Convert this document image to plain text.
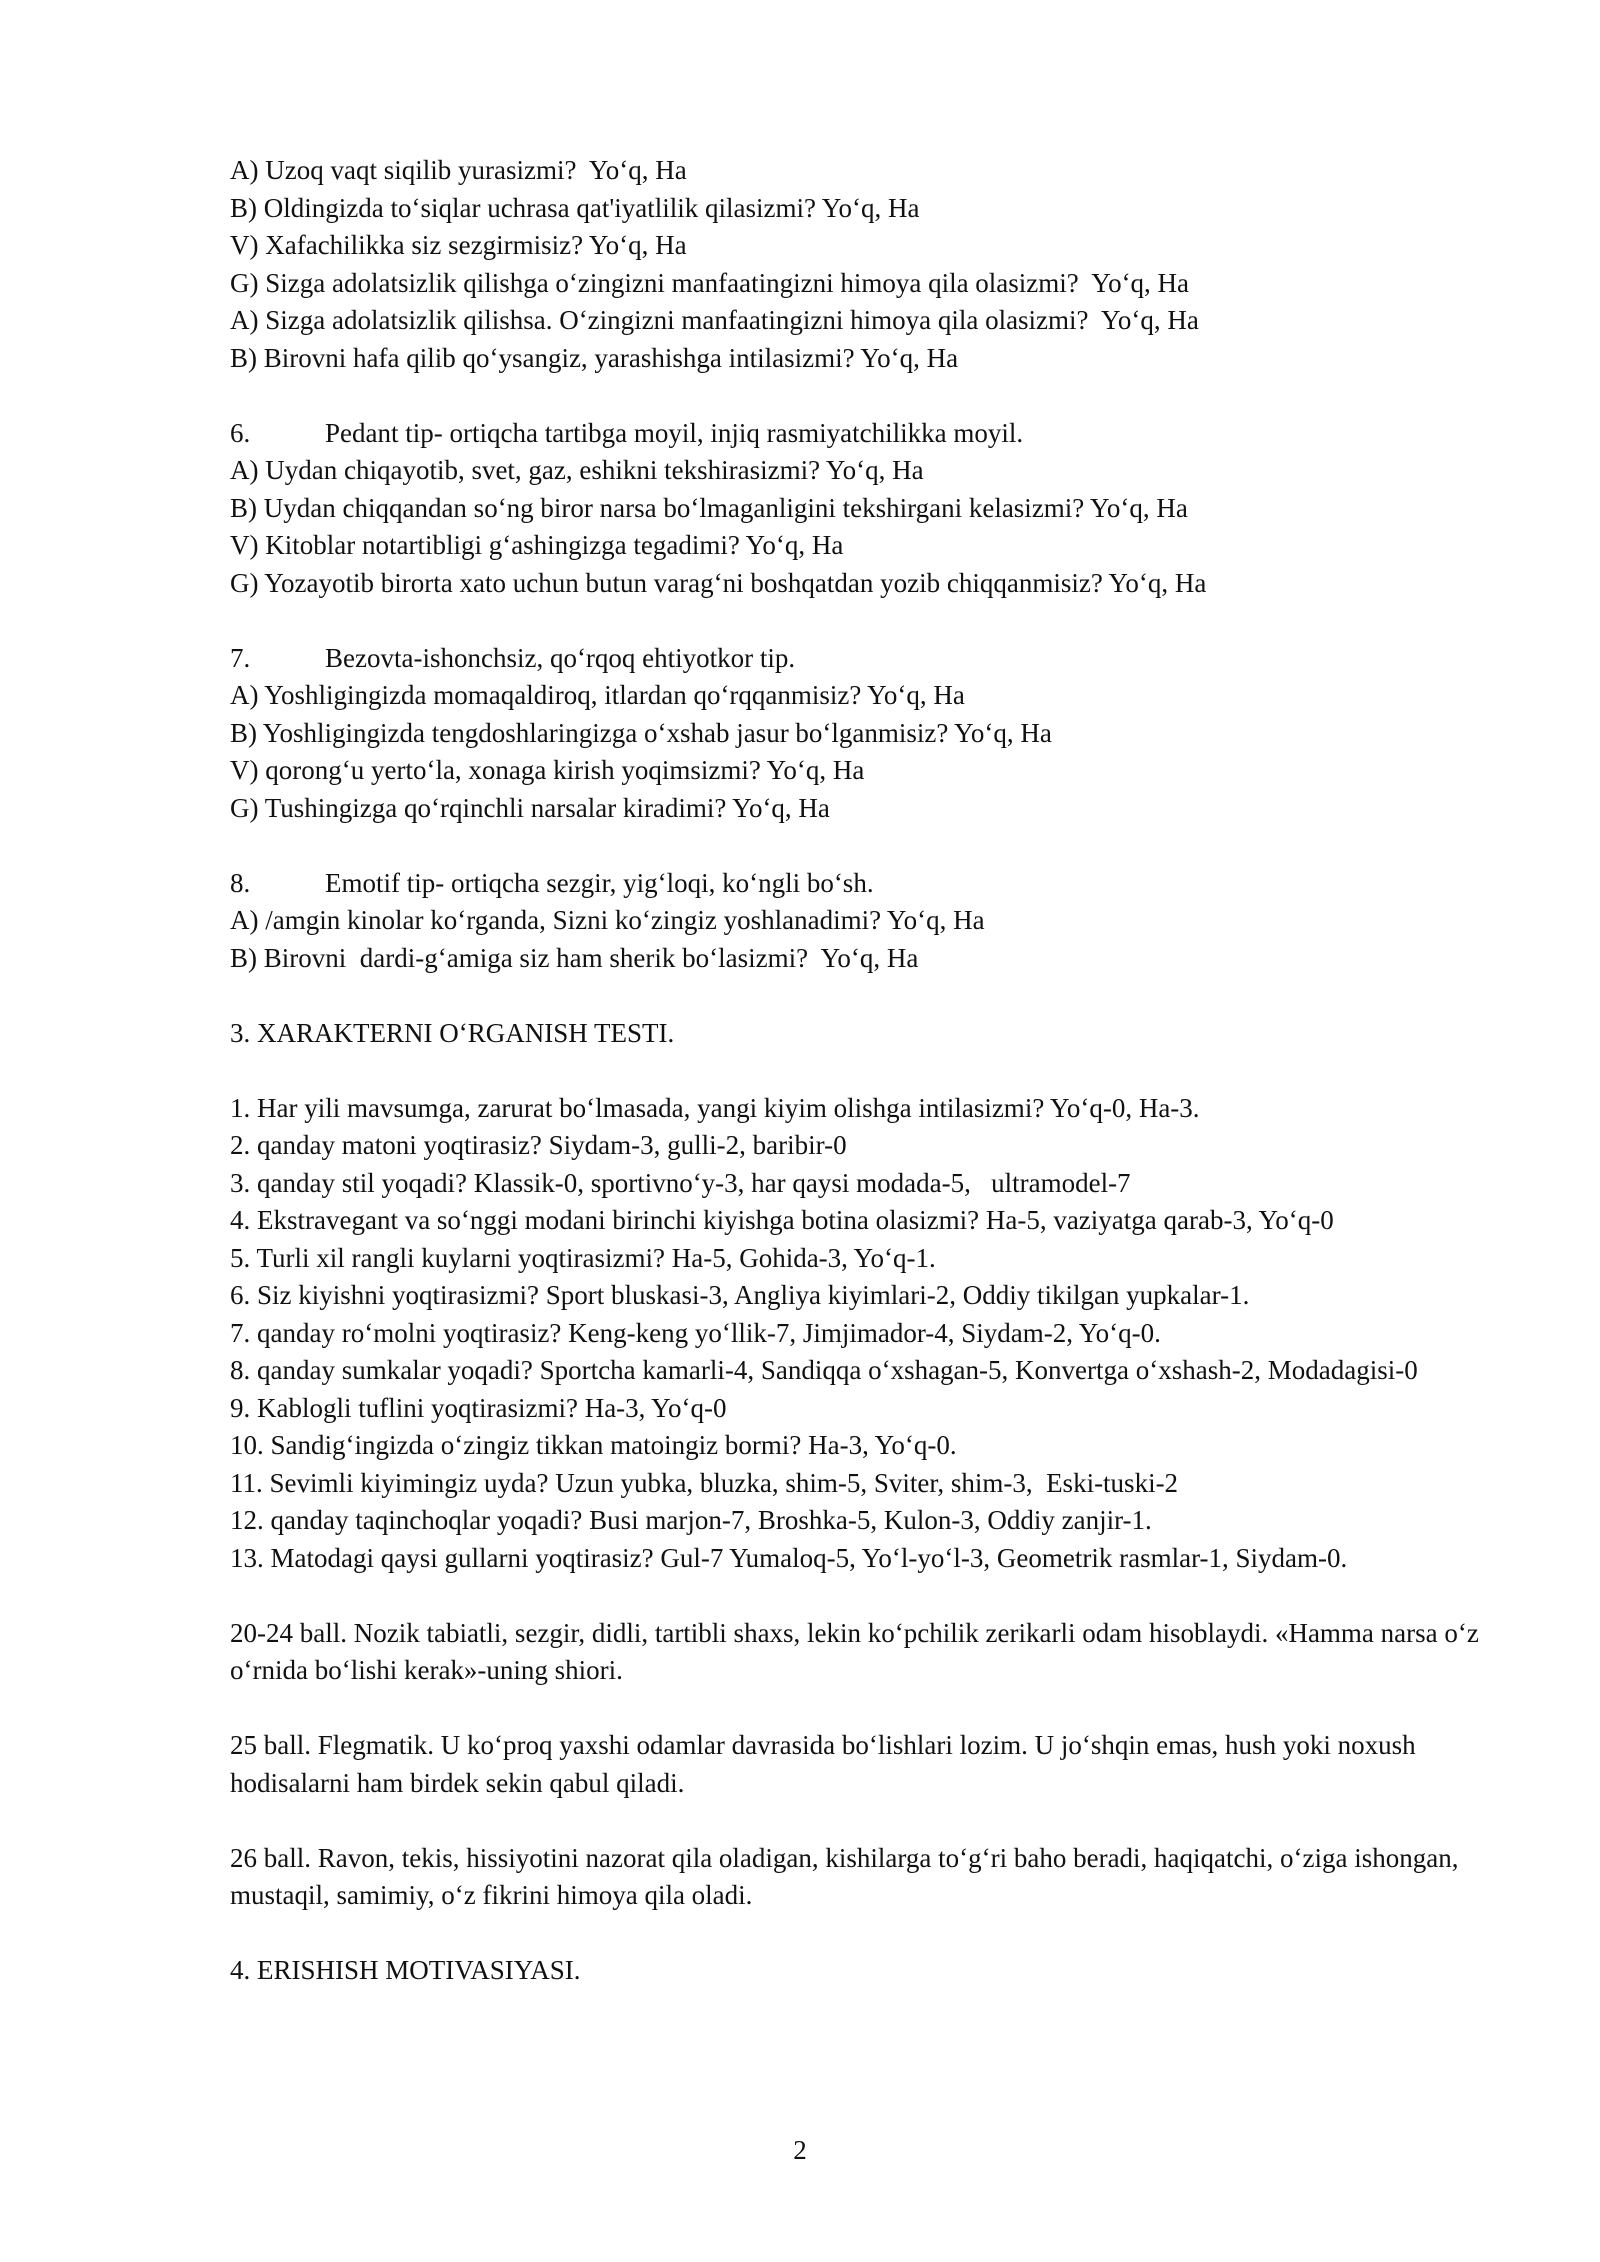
A) Uzoq vaqt siqilib yurasizmi?  Yo‘q, Ha
B) Oldingizda to‘siqlar uchrasa qat'iyatlilik qilasizmi? Yo‘q, Ha
V) Xafachilikka siz sezgirmisiz? Yo‘q, Ha
G) Sizga adolatsizlik qilishga o‘zingizni manfaatingizni himoya qila olasizmi?  Yo‘q, Ha
A) Sizga adolatsizlik qilishsa. O‘zingizni manfaatingizni himoya qila olasizmi?  Yo‘q, Ha
B) Birovni hafa qilib qo‘ysangiz, yarashishga intilasizmi? Yo‘q, Ha
6.	Pedant tip- ortiqcha tartibga moyil, injiq rasmiyatchilikka moyil.
A) Uydan chiqayotib, svet, gaz, eshikni tekshirasizmi? Yo‘q, Ha
B) Uydan chiqqandan so‘ng biror narsa bo‘lmaganligini tekshirgani kelasizmi? Yo‘q, Ha
V) Kitoblar notartibligi g‘ashingizga tegadimi? Yo‘q, Ha
G) Yozayotib birorta xato uchun butun varag‘ni boshqatdan yozib chiqqanmisiz? Yo‘q, Ha
7.	Bezovta-ishonchsiz, qo‘rqoq ehtiyotkor tip.
A) Yoshligingizda momaqaldiroq, itlardan qo‘rqqanmisiz? Yo‘q, Ha
B) Yoshligingizda tengdoshlaringizga o‘xshab jasur bo‘lganmisiz? Yo‘q, Ha
V) qorong‘u yerto‘la, xonaga kirish yoqimsizmi? Yo‘q, Ha
G) Tushingizga qo‘rqinchli narsalar kiradimi? Yo‘q, Ha
8.	Emotif tip- ortiqcha sezgir, yig‘loqi, ko‘ngli bo‘sh.
A) /amgin kinolar ko‘rganda, Sizni ko‘zingiz yoshlanadimi? Yo‘q, Ha
B) Birovni  dardi-g‘amiga siz ham sherik bo‘lasizmi?  Yo‘q, Ha
3. XARAKTERNI O‘RGANISH TESTI.
1. Har yili mavsumga, zarurat bo‘lmasada, yangi kiyim olishga intilasizmi? Yo‘q-0, Ha-3.
2. qanday matoni yoqtirasiz? Siydam-3, gulli-2, baribir-0
3. qanday stil yoqadi? Klassik-0, sportivno‘y-3, har qaysi modada-5,   ultramodel-7
4. Ekstravegant va so‘nggi modani birinchi kiyishga botina olasizmi? Ha-5, vaziyatga qarab-3, Yo‘q-0
5. Turli xil rangli kuylarni yoqtirasizmi? Ha-5, Gohida-3, Yo‘q-1.
6. Siz kiyishni yoqtirasizmi? Sport bluskasi-3, Angliya kiyimlari-2, Oddiy tikilgan yupkalar-1.
7. qanday ro‘molni yoqtirasiz? Keng-keng yo‘llik-7, Jimjimador-4, Siydam-2, Yo‘q-0.
8. qanday sumkalar yoqadi? Sportcha kamarli-4, Sandiqqa o‘xshagan-5, Konvertga o‘xshash-2, Modadagisi-0
9. Kablogli tuflini yoqtirasizmi? Ha-3, Yo‘q-0
10. Sandig‘ingizda o‘zingiz tikkan matoingiz bormi? Ha-3, Yo‘q-0.
11. Sevimli kiyimingiz uyda? Uzun yubka, bluzka, shim-5, Sviter, shim-3,  Eski-tuski-2
12. qanday taqinchoqlar yoqadi? Busi marjon-7, Broshka-5, Kulon-3, Oddiy zanjir-1.
13. Matodagi qaysi gullarni yoqtirasiz? Gul-7 Yumaloq-5, Yo‘l-yo‘l-3, Geometrik rasmlar-1, Siydam-0.
20-24 ball. Nozik tabiatli, sezgir, didli, tartibli shaxs, lekin ko‘pchilik zerikarli odam hisoblaydi. «Hamma narsa o‘z o‘rnida bo‘lishi kerak»-uning shiori.
25 ball. Flegmatik. U ko‘proq yaxshi odamlar davrasida bo‘lishlari lozim. U jo‘shqin emas, hush yoki noxush hodisalarni ham birdek sekin qabul qiladi.
26 ball. Ravon, tekis, hissiyotini nazorat qila oladigan, kishilarga to‘g‘ri baho beradi, haqiqatchi, o‘ziga ishongan, mustaqil, samimiy, o‘z fikrini himoya qila oladi.
4. ERISHISH MOTIVASIYASI.
2
